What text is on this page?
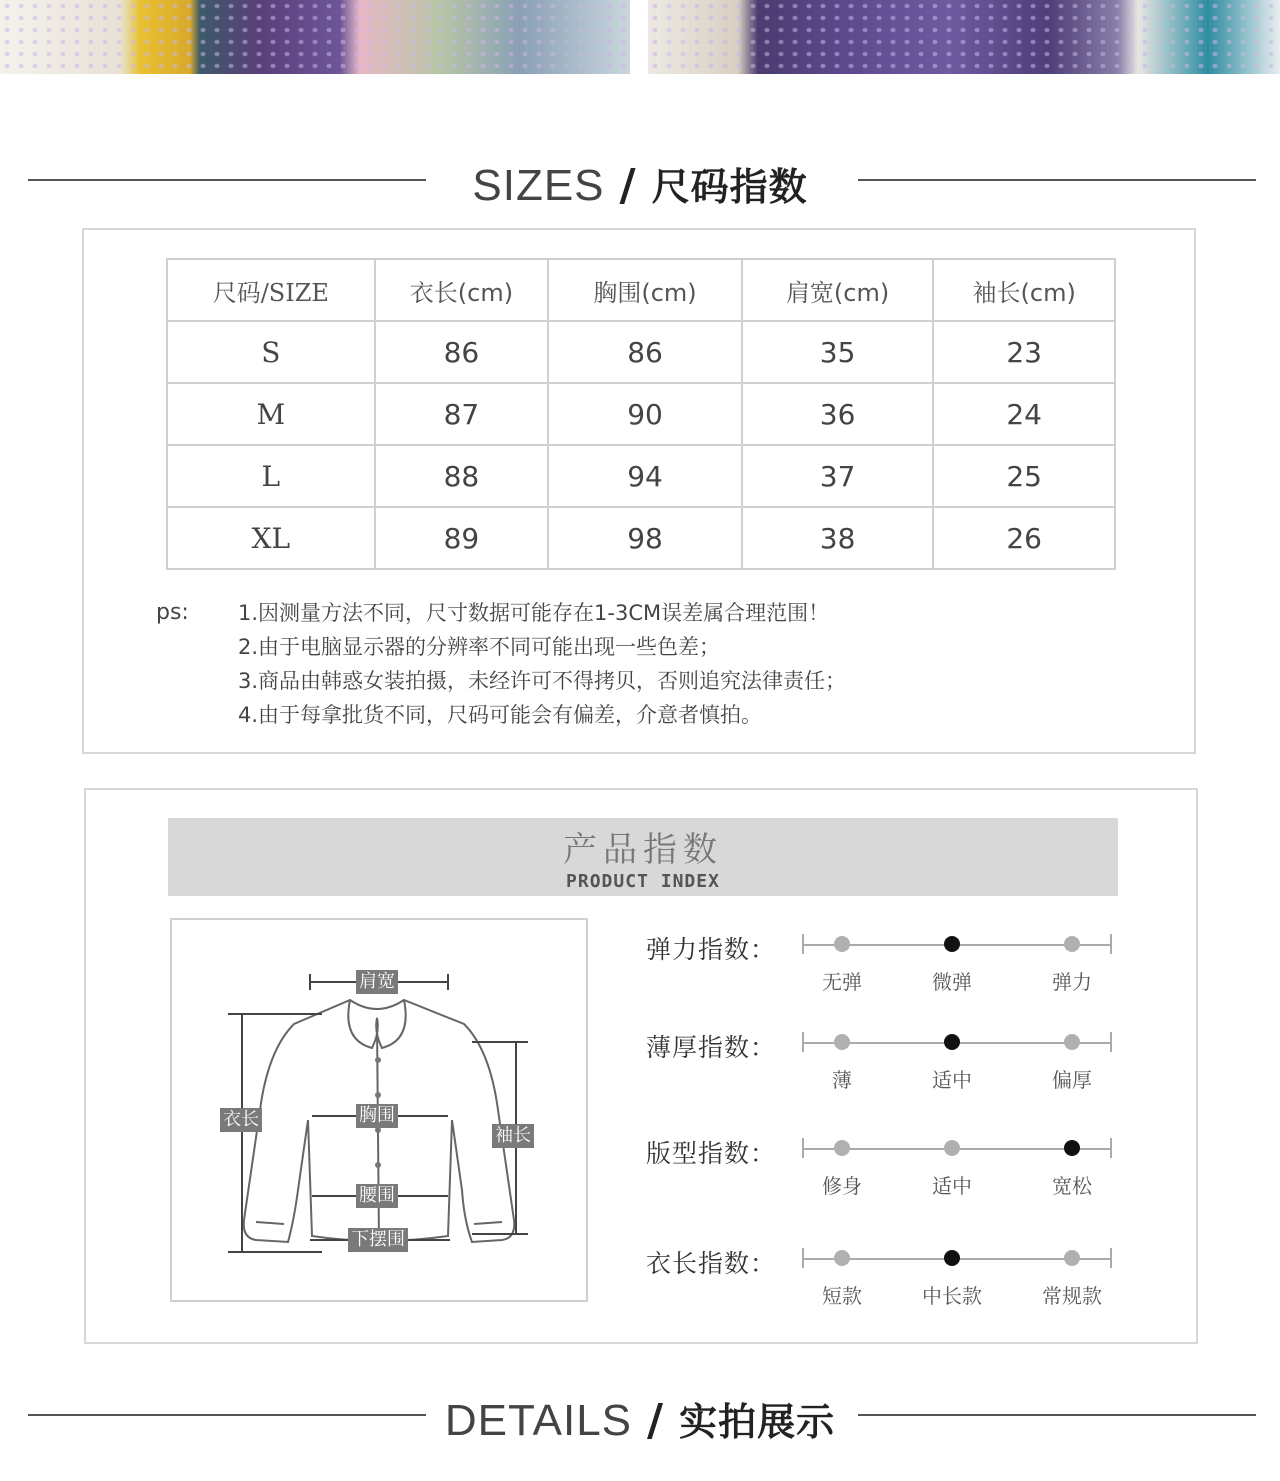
SIZES / 尺码指数
尺码/SIZE	衣长(cm)	胸围(cm)	肩宽(cm)	袖长(cm)
S	86	86	35	23
M	87	90	36	24
L	88	94	37	25
XL	89	98	38	26
ps: 1.因测量方法不同，尺寸数据可能存在1-3CM误差属合理范围！
2.由于电脑显示器的分辨率不同可能出现一些色差；
3.商品由韩惑女装拍摄，未经许可不得拷贝，否则追究法律责任；
4.由于每拿批货不同，尺码可能会有偏差，介意者慎拍。
产品指数
PRODUCT INDEX
肩宽
衣长	胸围
袖长
腰围
下摆围
弹力指数：
无弹	微弹	弹力
薄厚指数：
薄	适中	偏厚
版型指数：
修身	适中	宽松
衣长指数：
短款	中长款	常规款
DETAILS / 实拍展示
